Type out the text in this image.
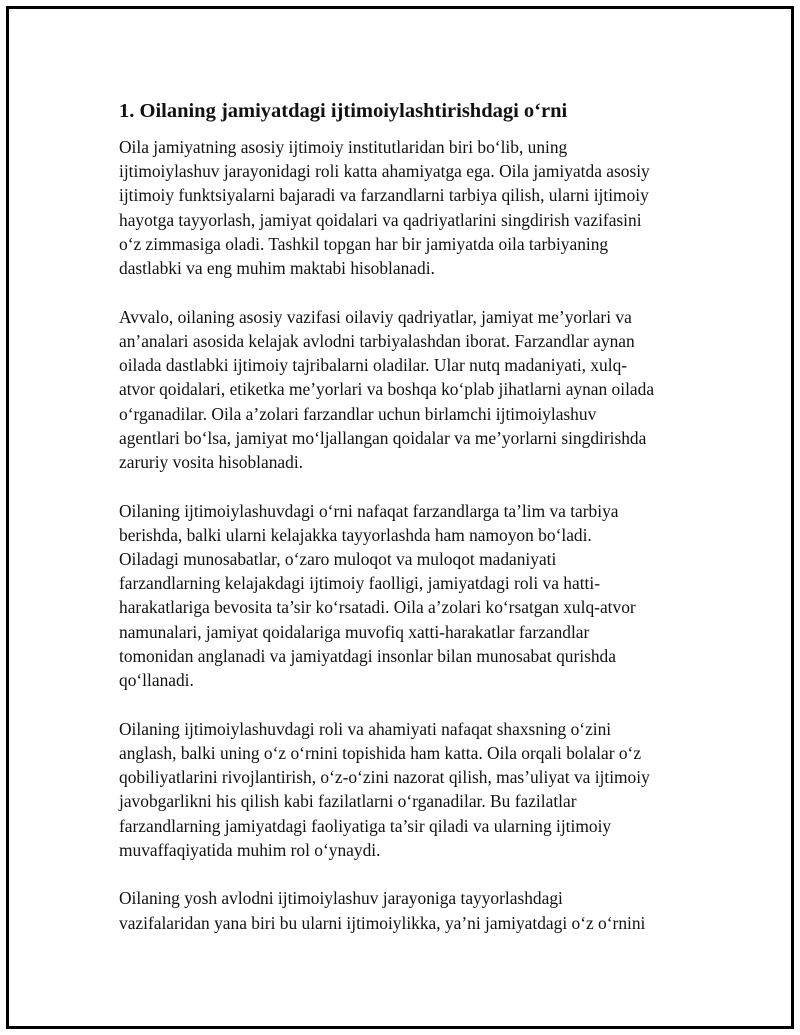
1. Oilaning jamiyatdagi ijtimoiylashtirishdagi o‘rni

Oila jamiyatning asosiy ijtimoiy institutlaridan biri bo‘lib, uning
ijtimoiylashuv jarayonidagi roli katta ahamiyatga ega. Oila jamiyatda asosiy
ijtimoiy funktsiyalarni bajaradi va farzandlarni tarbiya qilish, ularni ijtimoiy
hayotga tayyorlash, jamiyat qoidalari va qadriyatlarini singdirish vazifasini
o‘z zimmasiga oladi. Tashkil topgan har bir jamiyatda oila tarbiyaning
dastlabki va eng muhim maktabi hisoblanadi.

Avvalo, oilaning asosiy vazifasi oilaviy qadriyatlar, jamiyat me’yorlari va
an’analari asosida kelajak avlodni tarbiyalashdan iborat. Farzandlar aynan
oilada dastlabki ijtimoiy tajribalarni oladilar. Ular nutq madaniyati, xulq-
atvor qoidalari, etiketka me’yorlari va boshqa ko‘plab jihatlarni aynan oilada
o‘rganadilar. Oila a’zolari farzandlar uchun birlamchi ijtimoiylashuv
agentlari bo‘lsa, jamiyat mo‘ljallangan qoidalar va me’yorlarni singdirishda
zaruriy vosita hisoblanadi.

Oilaning ijtimoiylashuvdagi o‘rni nafaqat farzandlarga ta’lim va tarbiya
berishda, balki ularni kelajakka tayyorlashda ham namoyon bo‘ladi.
Oiladagi munosabatlar, o‘zaro muloqot va muloqot madaniyati
farzandlarning kelajakdagi ijtimoiy faolligi, jamiyatdagi roli va hatti-
harakatlariga bevosita ta’sir ko‘rsatadi. Oila a’zolari ko‘rsatgan xulq-atvor
namunalari, jamiyat qoidalariga muvofiq xatti-harakatlar farzandlar
tomonidan anglanadi va jamiyatdagi insonlar bilan munosabat qurishda
qo‘llanadi.

Oilaning ijtimoiylashuvdagi roli va ahamiyati nafaqat shaxsning o‘zini
anglash, balki uning o‘z o‘rnini topishida ham katta. Oila orqali bolalar o‘z
qobiliyatlarini rivojlantirish, o‘z-o‘zini nazorat qilish, mas’uliyat va ijtimoiy
javobgarlikni his qilish kabi fazilatlarni o‘rganadilar. Bu fazilatlar
farzandlarning jamiyatdagi faoliyatiga ta’sir qiladi va ularning ijtimoiy
muvaffaqiyatida muhim rol o‘ynaydi.

Oilaning yosh avlodni ijtimoiylashuv jarayoniga tayyorlashdagi
vazifalaridan yana biri bu ularni ijtimoiylikka, ya’ni jamiyatdagi o‘z o‘rnini
